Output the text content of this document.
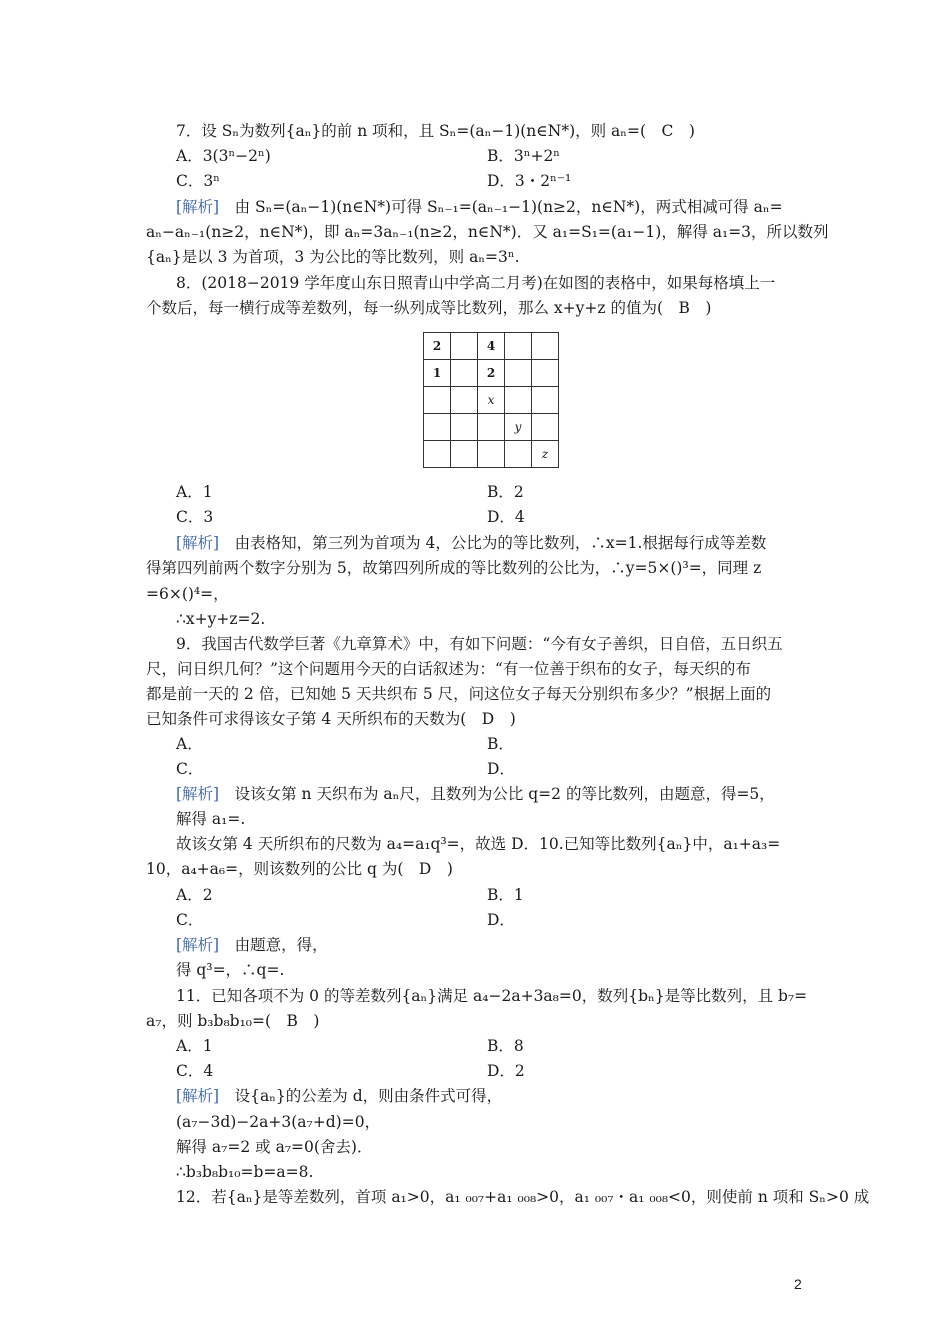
7．设 Sₙ为数列{aₙ}的前 n 项和，且 Sₙ=(aₙ−1)(n∈N*)，则 aₙ=(　C　)
A．3(3ⁿ−2ⁿ)	B．3ⁿ+2ⁿ
C．3ⁿ	D．3・2ⁿ⁻¹
[解析]　由 Sₙ=(aₙ−1)(n∈N*)可得 Sₙ₋₁=(aₙ₋₁−1)(n≥2，n∈N*)，两式相减可得 aₙ=
aₙ−aₙ₋₁(n≥2，n∈N*)，即 aₙ=3aₙ₋₁(n≥2，n∈N*)．又 a₁=S₁=(a₁−1)，解得 a₁=3，所以数列
{aₙ}是以 3 为首项，3 为公比的等比数列，则 aₙ=3ⁿ.
8．(2018−2019 学年度山东日照青山中学高二月考)在如图的表格中，如果每格填上一
个数后，每一横行成等差数列，每一纵列成等比数列，那么 x+y+z 的值为(　B　)
2		4		
1		2		
		x		
			y	
				z
A．1	B．2
C．3	D．4
[解析]　由表格知，第三列为首项为 4，公比为的等比数列，∴x=1.根据每行成等差数
得第四列前两个数字分别为 5，故第四列所成的等比数列的公比为，∴y=5×()³=，同理 z
=6×()⁴=，
∴x+y+z=2.
9．我国古代数学巨著《九章算术》中，有如下问题：“今有女子善织，日自倍，五日织五
尺，问日织几何？”这个问题用今天的白话叙述为：“有一位善于织布的女子，每天织的布
都是前一天的 2 倍，已知她 5 天共织布 5 尺，问这位女子每天分别织布多少？”根据上面的
已知条件可求得该女子第 4 天所织布的天数为(　D　)
A．	B．
C．	D．
[解析]　设该女第 n 天织布为 aₙ尺，且数列为公比 q=2 的等比数列，由题意，得=5，
解得 a₁=.
故该女第 4 天所织布的尺数为 a₄=a₁q³=，故选 D．10.已知等比数列{aₙ}中，a₁+a₃=
10，a₄+a₆=，则该数列的公比 q 为(　D　)
A．2	B．1
C．	D．
[解析]　由题意，得，
得 q³=，∴q=.
11．已知各项不为 0 的等差数列{aₙ}满足 a₄−2a+3a₈=0，数列{bₙ}是等比数列，且 b₇=
a₇，则 b₃b₈b₁₀=(　B　)
A．1	B．8
C．4	D．2
[解析]　设{aₙ}的公差为 d，则由条件式可得，
(a₇−3d)−2a+3(a₇+d)=0，
解得 a₇=2 或 a₇=0(舍去)．
∴b₃b₈b₁₀=b=a=8.
12．若{aₙ}是等差数列，首项 a₁>0，a₁ ₀₀₇+a₁ ₀₀₈>0，a₁ ₀₀₇・a₁ ₀₀₈<0，则使前 n 项和 Sₙ>0 成
2
